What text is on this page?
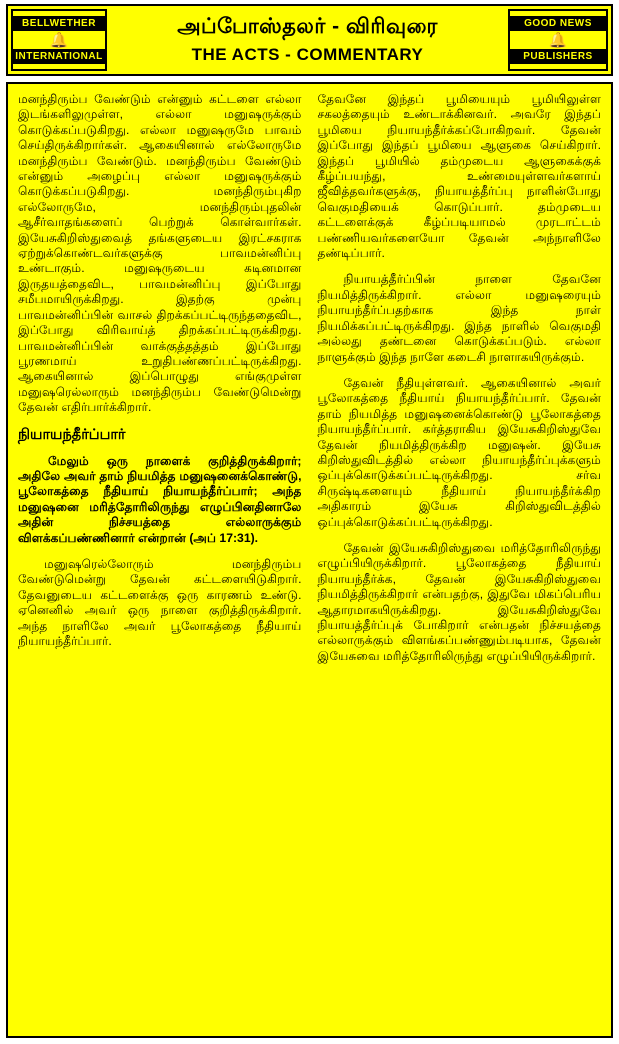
BELLWETHER
🔔
INTERNATIONAL
அப்போஸ்தலர் - விரிவுரை
THE ACTS - COMMENTARY
GOOD NEWS
🔔
PUBLISHERS

மனந்திரும்ப வேண்டும் என்னும் கட்டளை எல்லா இடங்களிலுமுள்ள, எல்லா மனுஷருக்கும் கொடுக்கப்படுகிறது. எல்லா மனுஷருமே பாவம் செய்திருக்கிறார்கள். ஆகையினால் எல்லோருமே மனந்திரும்ப வேண்டும். மனந்திரும்ப வேண்டும் என்னும் அழைப்பு எல்லா மனுஷருக்கும் கொடுக்கப்படுகிறது. மனந்திரும்புகிற எல்லோருமே, மனந்திரும்புதலின் ஆசீர்வாதங்களைப் பெற்றுக் கொள்வார்கள். இயேசுகிறிஸ்துவைத் தங்களுடைய இரட்சகராக ஏற்றுக்கொண்டவர்களுக்கு பாவமன்னிப்பு உண்டாகும். மனுஷருடைய கடினமான இருதயத்தைவிட, பாவமன்னிப்பு இப்போது சமீபமாயிருக்கிறது. இதற்கு முன்பு பாவமன்னிப்பின் வாசல் திறக்கப்பட்டிருந்ததைவிட, இப்போது விரிவாய்த் திறக்கப்பட்டிருக்கிறது. பாவமன்னிப்பின் வாக்குத்தத்தம் இப்போது பூரணமாய் உறுதிபண்ணப்பட்டிருக்கிறது. ஆகையினால் இப்பொழுது எங்குமுள்ள மனுஷரெல்லாரும் மனந்திரும்ப வேண்டுமென்று தேவன் எதிர்பார்க்கிறார்.

நியாயந்தீர்ப்பார்

மேலும் ஒரு நாளைக் குறித்திருக்கிறார்; அதிலே அவர் தாம் நியமித்த மனுஷனைக்கொண்டு, பூலோகத்தை நீதியாய் நியாயந்தீர்ப்பார்; அந்த மனுஷனை மரித்தோரிலிருந்து எழுப்பினதினாலே அதின் நிச்சயத்தை எல்லாருக்கும் விளக்கப்பண்ணினார் என்றான் (அப் 17:31).

மனுஷரெல்லோரும் மனந்திரும்ப வேண்டுமென்று தேவன் கட்டளையிடுகிறார். தேவனுடைய கட்டளைக்கு ஒரு காரணம் உண்டு. ஏனெனில் அவர் ஒரு நாளை குறித்திருக்கிறார். அந்த நாளிலே அவர் பூலோகத்தை நீதியாய் நியாயந்தீர்ப்பார்.

தேவனே இந்தப் பூமியையும் பூமியிலுள்ள சகலத்தையும் உண்டாக்கினவர். அவரே இந்தப் பூமியை நியாயந்தீர்க்கப்போகிறவர். தேவன் இப்போது இந்தப் பூமியை ஆளுகை செய்கிறார். இந்தப் பூமியில் தம்முடைய ஆளுகைக்குக் கீழ்ப்பயந்து, உண்மையுள்ளவர்களாய் ஜீவித்தவர்களுக்கு, நியாயத்தீர்ப்பு நாளின்போது வெகுமதியைக் கொடுப்பார். தம்முடைய கட்டளைக்குக் கீழ்ப்படியாமல் முரடாட்டம் பண்ணியவர்களையோ தேவன் அந்நாளிலே தண்டிப்பார்.

நியாயத்தீர்ப்பின் நாளை தேவனே நியமித்திருக்கிறார். எல்லா மனுஷரையும் நியாயந்தீர்ப்பதற்காக இந்த நாள் நியமிக்கப்பட்டிருக்கிறது. இந்த நாளில் வெகுமதி அல்லது தண்டனை கொடுக்கப்படும். எல்லா நாளுக்கும் இந்த நாளே கடைசி நாளாகயிருக்கும்.

தேவன் நீதியுள்ளவர். ஆகையினால் அவர் பூலோகத்தை நீதியாய் நியாயந்தீர்ப்பார். தேவன் தாம் நியமித்த மனுஷனைக்கொண்டு பூலோகத்தை நியாயந்தீர்ப்பார். கர்த்தராகிய இயேசுகிறிஸ்துவே தேவன் நியமித்திருக்கிற மனுஷன். இயேசு கிறிஸ்துவிடத்தில் எல்லா நியாயந்தீர்ப்புக்களும் ஒப்புக்கொடுக்கப்பட்டிருக்கிறது. சர்வ சிருஷ்டிகளையும் நீதியாய் நியாயந்தீர்க்கிற அதிகாரம் இயேசு கிறிஸ்துவிடத்தில் ஒப்புக்கொடுக்கப்பட்டிருக்கிறது.

தேவன் இயேசுகிறிஸ்துவை மரித்தோரிலிருந்து எழுப்பியிருக்கிறார். பூலோகத்தை நீதியாய் நியாயந்தீர்க்க, தேவன் இயேசுகிறிஸ்துவை நியமித்திருக்கிறார் என்பதற்கு, இதுவே மிகப்பெரிய ஆதாரமாகயிருக்கிறது. இயேசுகிறிஸ்துவே நியாயத்தீர்ப்புக் போகிறார் என்பதன் நிச்சயத்தை எல்லாருக்கும் விளங்கப்பண்ணும்படியாக, தேவன் இயேசுவை மரித்தோரிலிருந்து எழுப்பியிருக்கிறார்.
